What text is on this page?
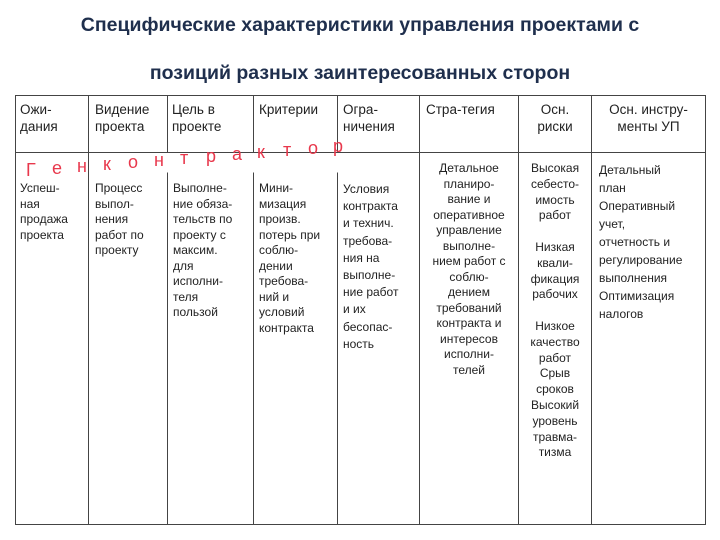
Специфические характеристики управления проектами с
позиций разных заинтересованных сторон
Ожи-
дания
Видение
проекта
Цель в
проекте
Критерии Огра-
ничения
Стра-тегия	Осн.
риски
Осн. инстру-
менты УП
Г е н к о н т р а к т о р
Успеш-
ная
продажа
проекта
Процесс
выпол-
нения
работ по
проекту
Выполне-
ние обяза-
тельств по
проекту с
максим.
для
исполни-
теля
пользой
Мини-
мизация
произв.
потерь при
соблю-
дении
требова-
ний и
условий
контракта
Условия
контракта
и технич.
требова-
ния на
выполне-
ние работ
и их
бесопас-
ность
Детальное
планиро-
вание и
оперативное
управление
выполне-
нием работ с
соблю-
дением
требований
контракта и
интересов
исполни-
телей
Высокая
себесто-
имость
работ

Низкая
квали-
фикация
рабочих

Низкое
качество
работ
Срыв
сроков
Высокий
уровень
травма-
тизма
Детальный
план
Оперативный
учет,
отчетность и
регулирование
выполнения
Оптимизация
налогов
